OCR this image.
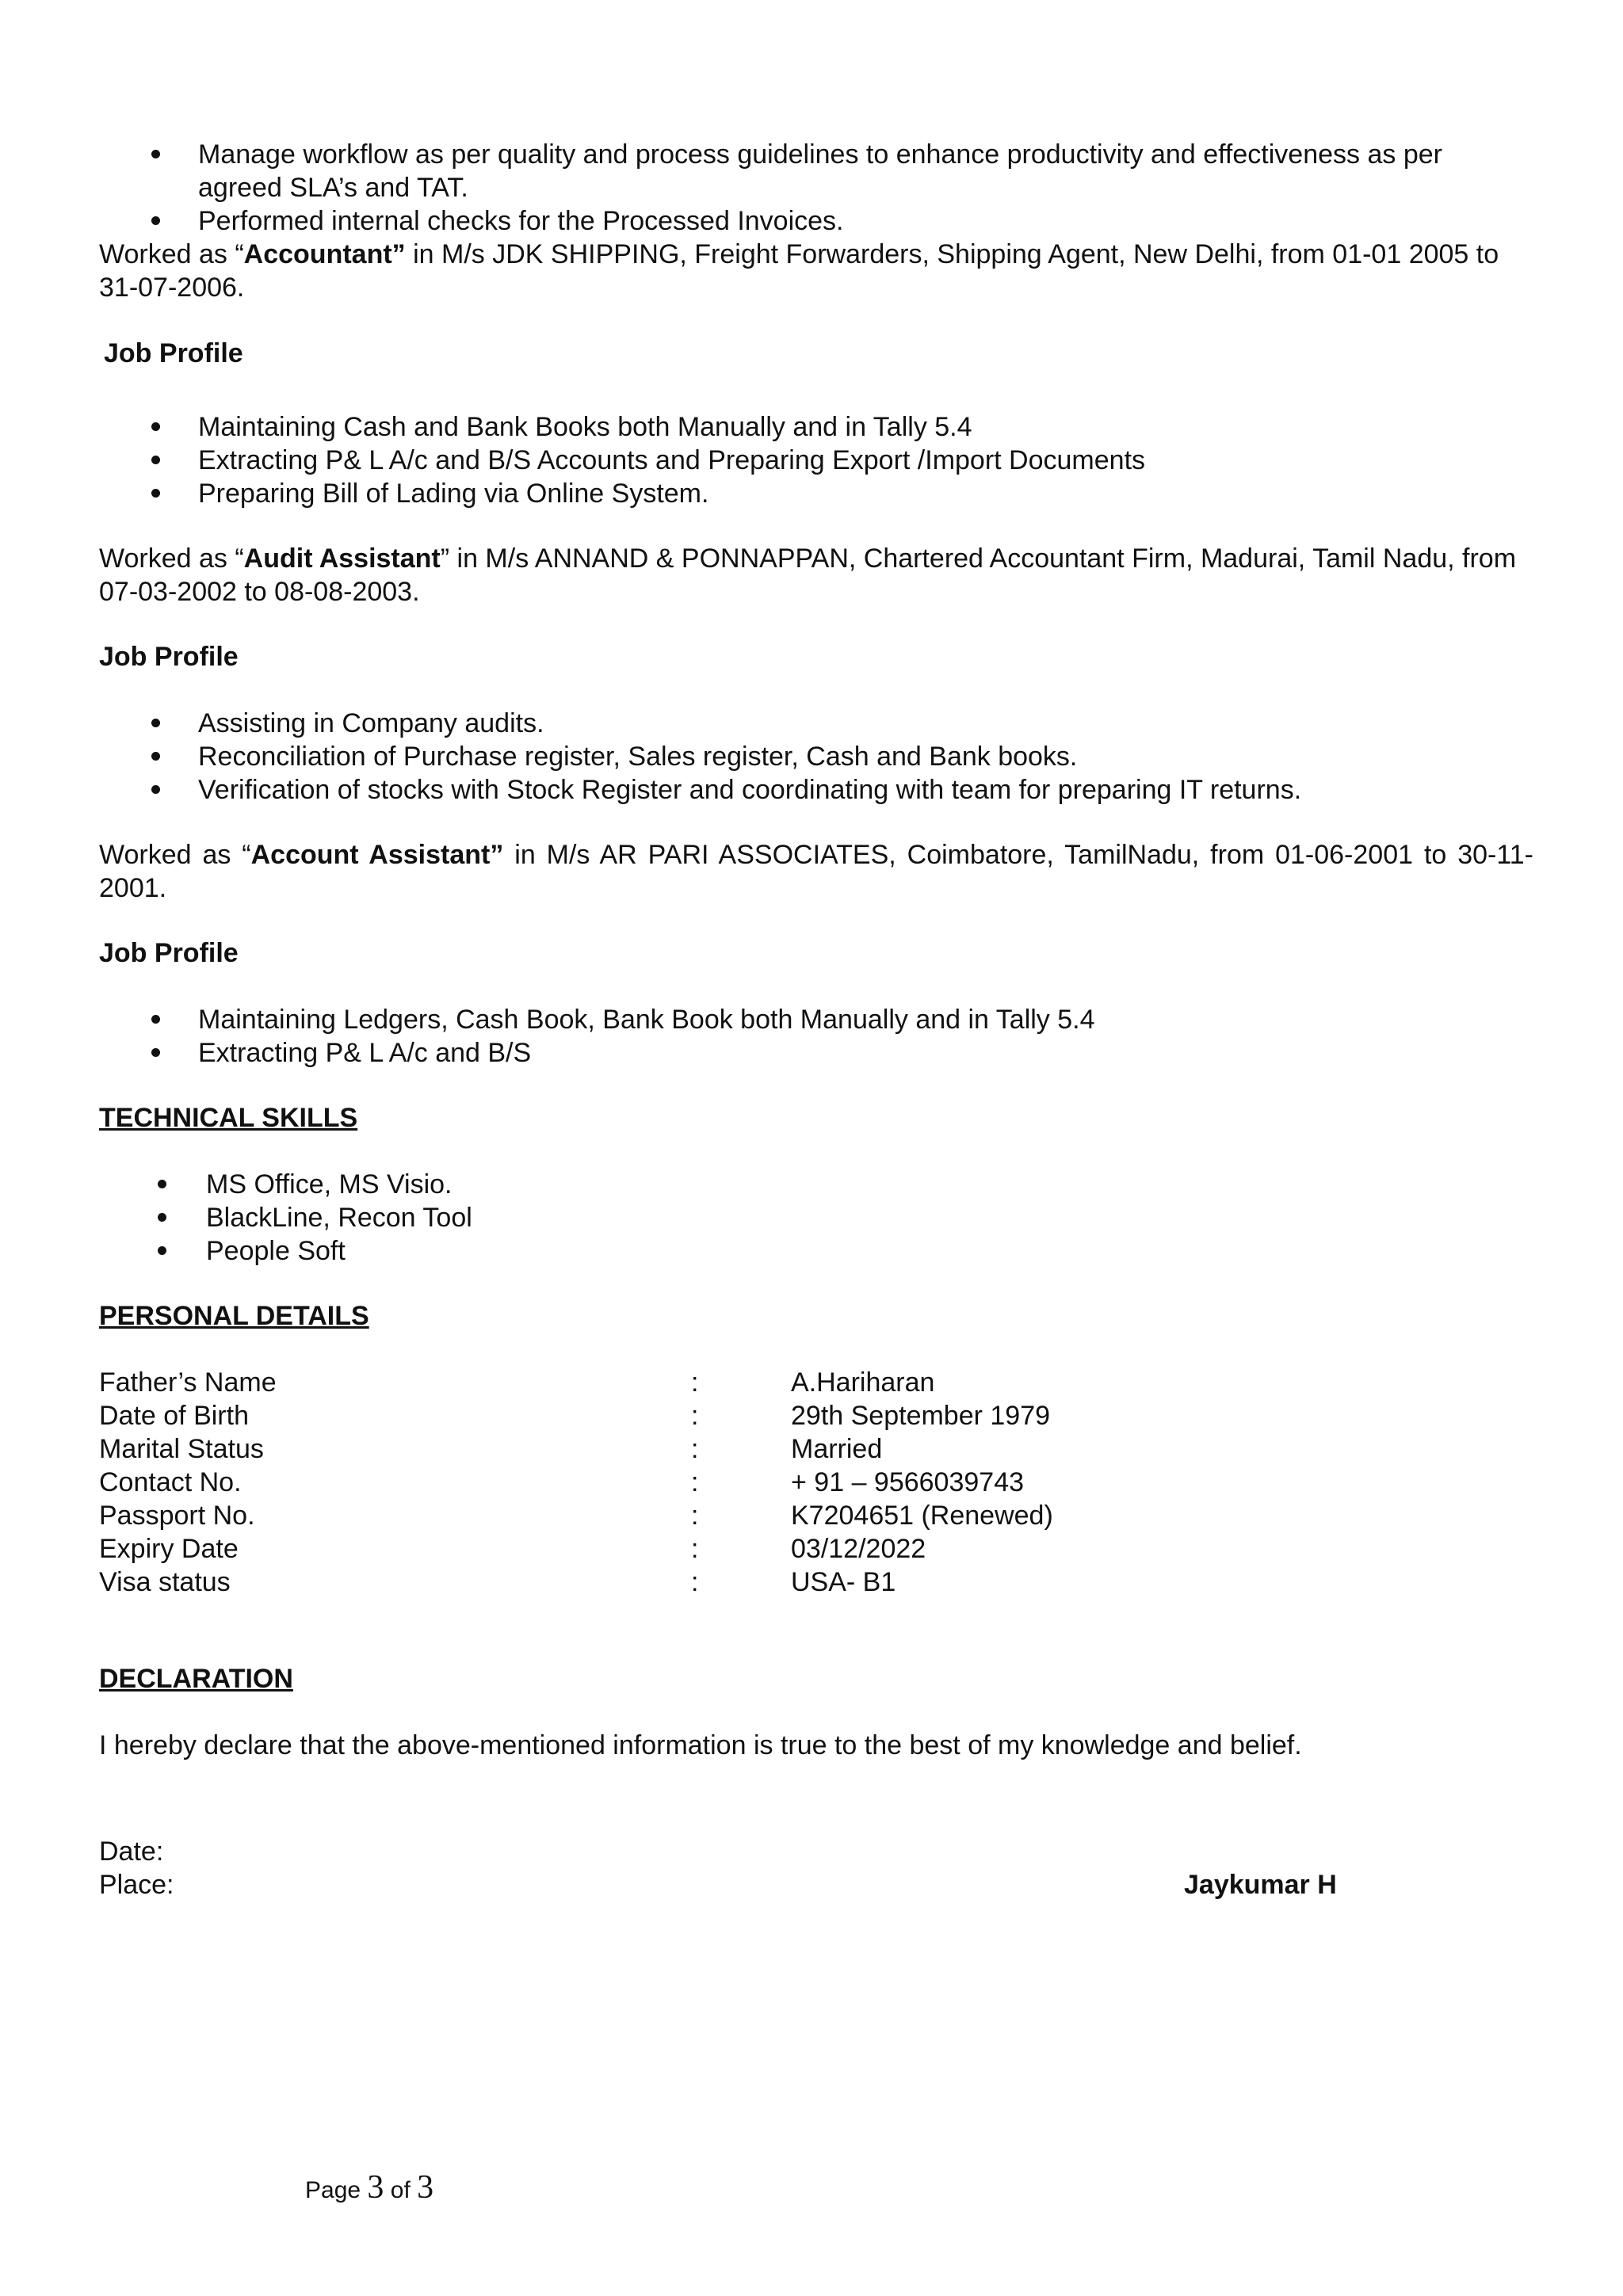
Manage workflow as per quality and process guidelines to enhance productivity and effectiveness as per agreed SLA’s and TAT.
Performed internal checks for the Processed Invoices.
Worked as “Accountant” in M/s JDK SHIPPING, Freight Forwarders, Shipping Agent, New Delhi, from 01-01 2005 to 31-07-2006.
Job Profile
Maintaining Cash and Bank Books both Manually and in Tally 5.4
Extracting P& L A/c and B/S Accounts and Preparing Export /Import Documents
Preparing Bill of Lading via Online System.
Worked as “Audit Assistant” in M/s ANNAND & PONNAPPAN, Chartered Accountant Firm, Madurai, Tamil Nadu, from 07-03-2002 to 08-08-2003.
Job Profile
Assisting in Company audits.
Reconciliation of Purchase register, Sales register, Cash and Bank books.
Verification of stocks with Stock Register and coordinating with team for preparing IT returns.
Worked as “Account Assistant” in M/s AR PARI ASSOCIATES, Coimbatore, TamilNadu, from 01-06-2001 to 30-11-2001.
Job Profile
Maintaining Ledgers, Cash Book, Bank Book both Manually and in Tally 5.4
Extracting P& L A/c and B/S
TECHNICAL SKILLS
MS Office, MS Visio.
BlackLine, Recon Tool
People Soft
PERSONAL DETAILS
Father’s Name	:	A.Hariharan
Date of Birth	:	29th September 1979
Marital Status	:	Married
Contact No.	:	+ 91 – 9566039743
Passport No.	:	K7204651 (Renewed)
Expiry Date	:	03/12/2022
Visa status	:	USA- B1
DECLARATION
I hereby declare that the above-mentioned information is true to the best of my knowledge and belief.
Date:
Place:	Jaykumar H
Page 3 of 3
